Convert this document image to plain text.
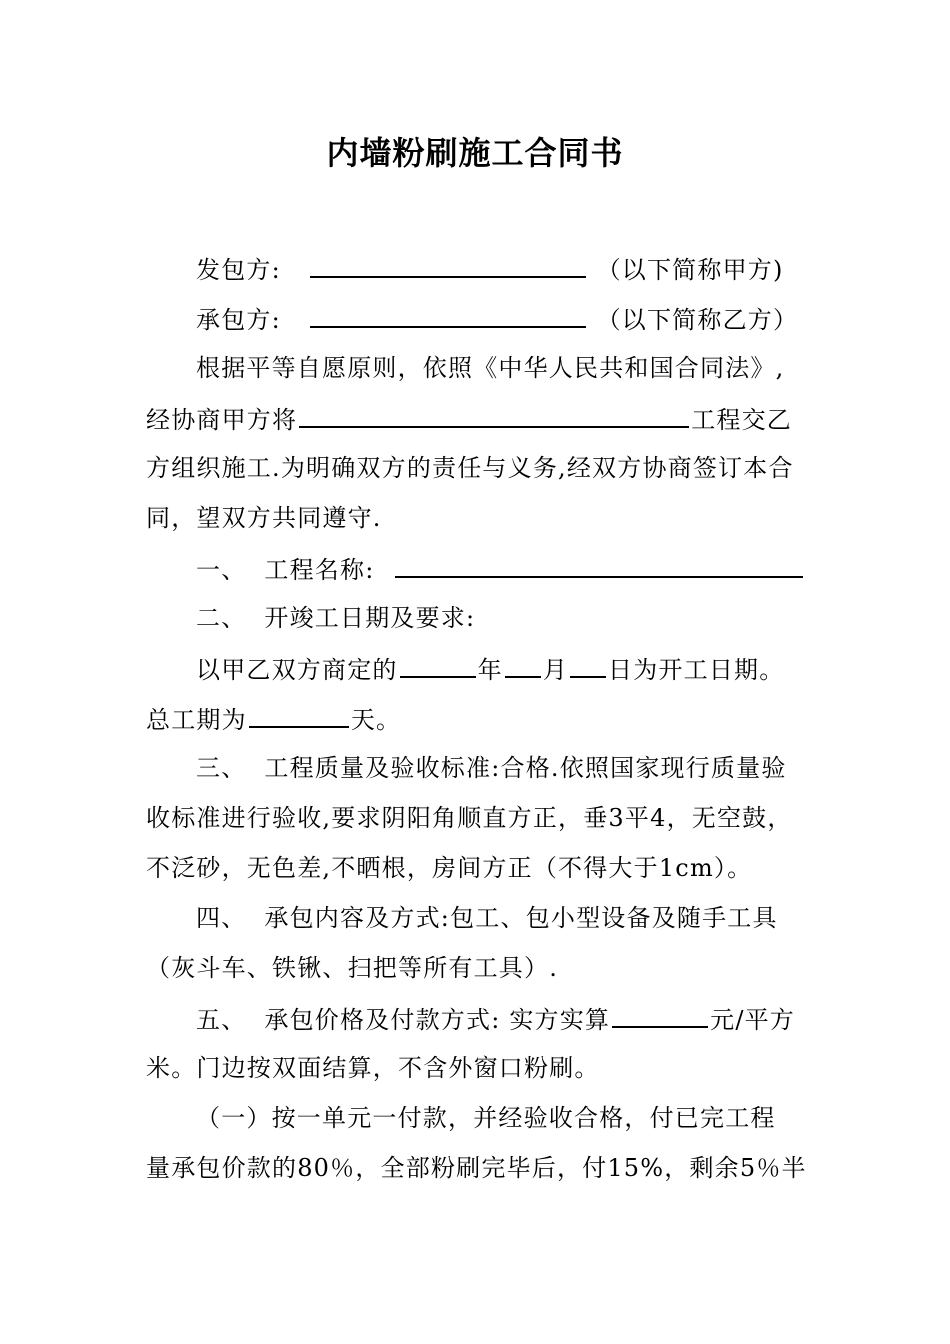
内墙粉刷施工合同书
发包方:	（以下简称甲方)
承包方:	（以下简称乙方）
根据平等自愿原则，依照《中华人民共和国合同法》,
经协商甲方将	工程交乙
方组织施工.为明确双方的责任与义务,经双方协商签订本合
同，望双方共同遵守.
一、 工程名称:
二、 开竣工日期及要求:
以甲乙双方商定的	年 月 日为开工日期。
总工期为	天。
三、 工程质量及验收标准:合格.依照国家现行质量验
收标准进行验收,要求阴阳角顺直方正，垂3平4，无空鼓，
不泛砂，无色差,不晒根，房间方正（不得大于1cm）。
四、 承包内容及方式:包工、包小型设备及随手工具
（灰斗车、铁锹、扫把等所有工具）.
五、 承包价格及付款方式: 实方实算	元/平方
米。门边按双面结算，不含外窗口粉刷。
（一）按一单元一付款，并经验收合格，付已完工程
量承包价款的80％，全部粉刷完毕后，付15%，剩余5％半
